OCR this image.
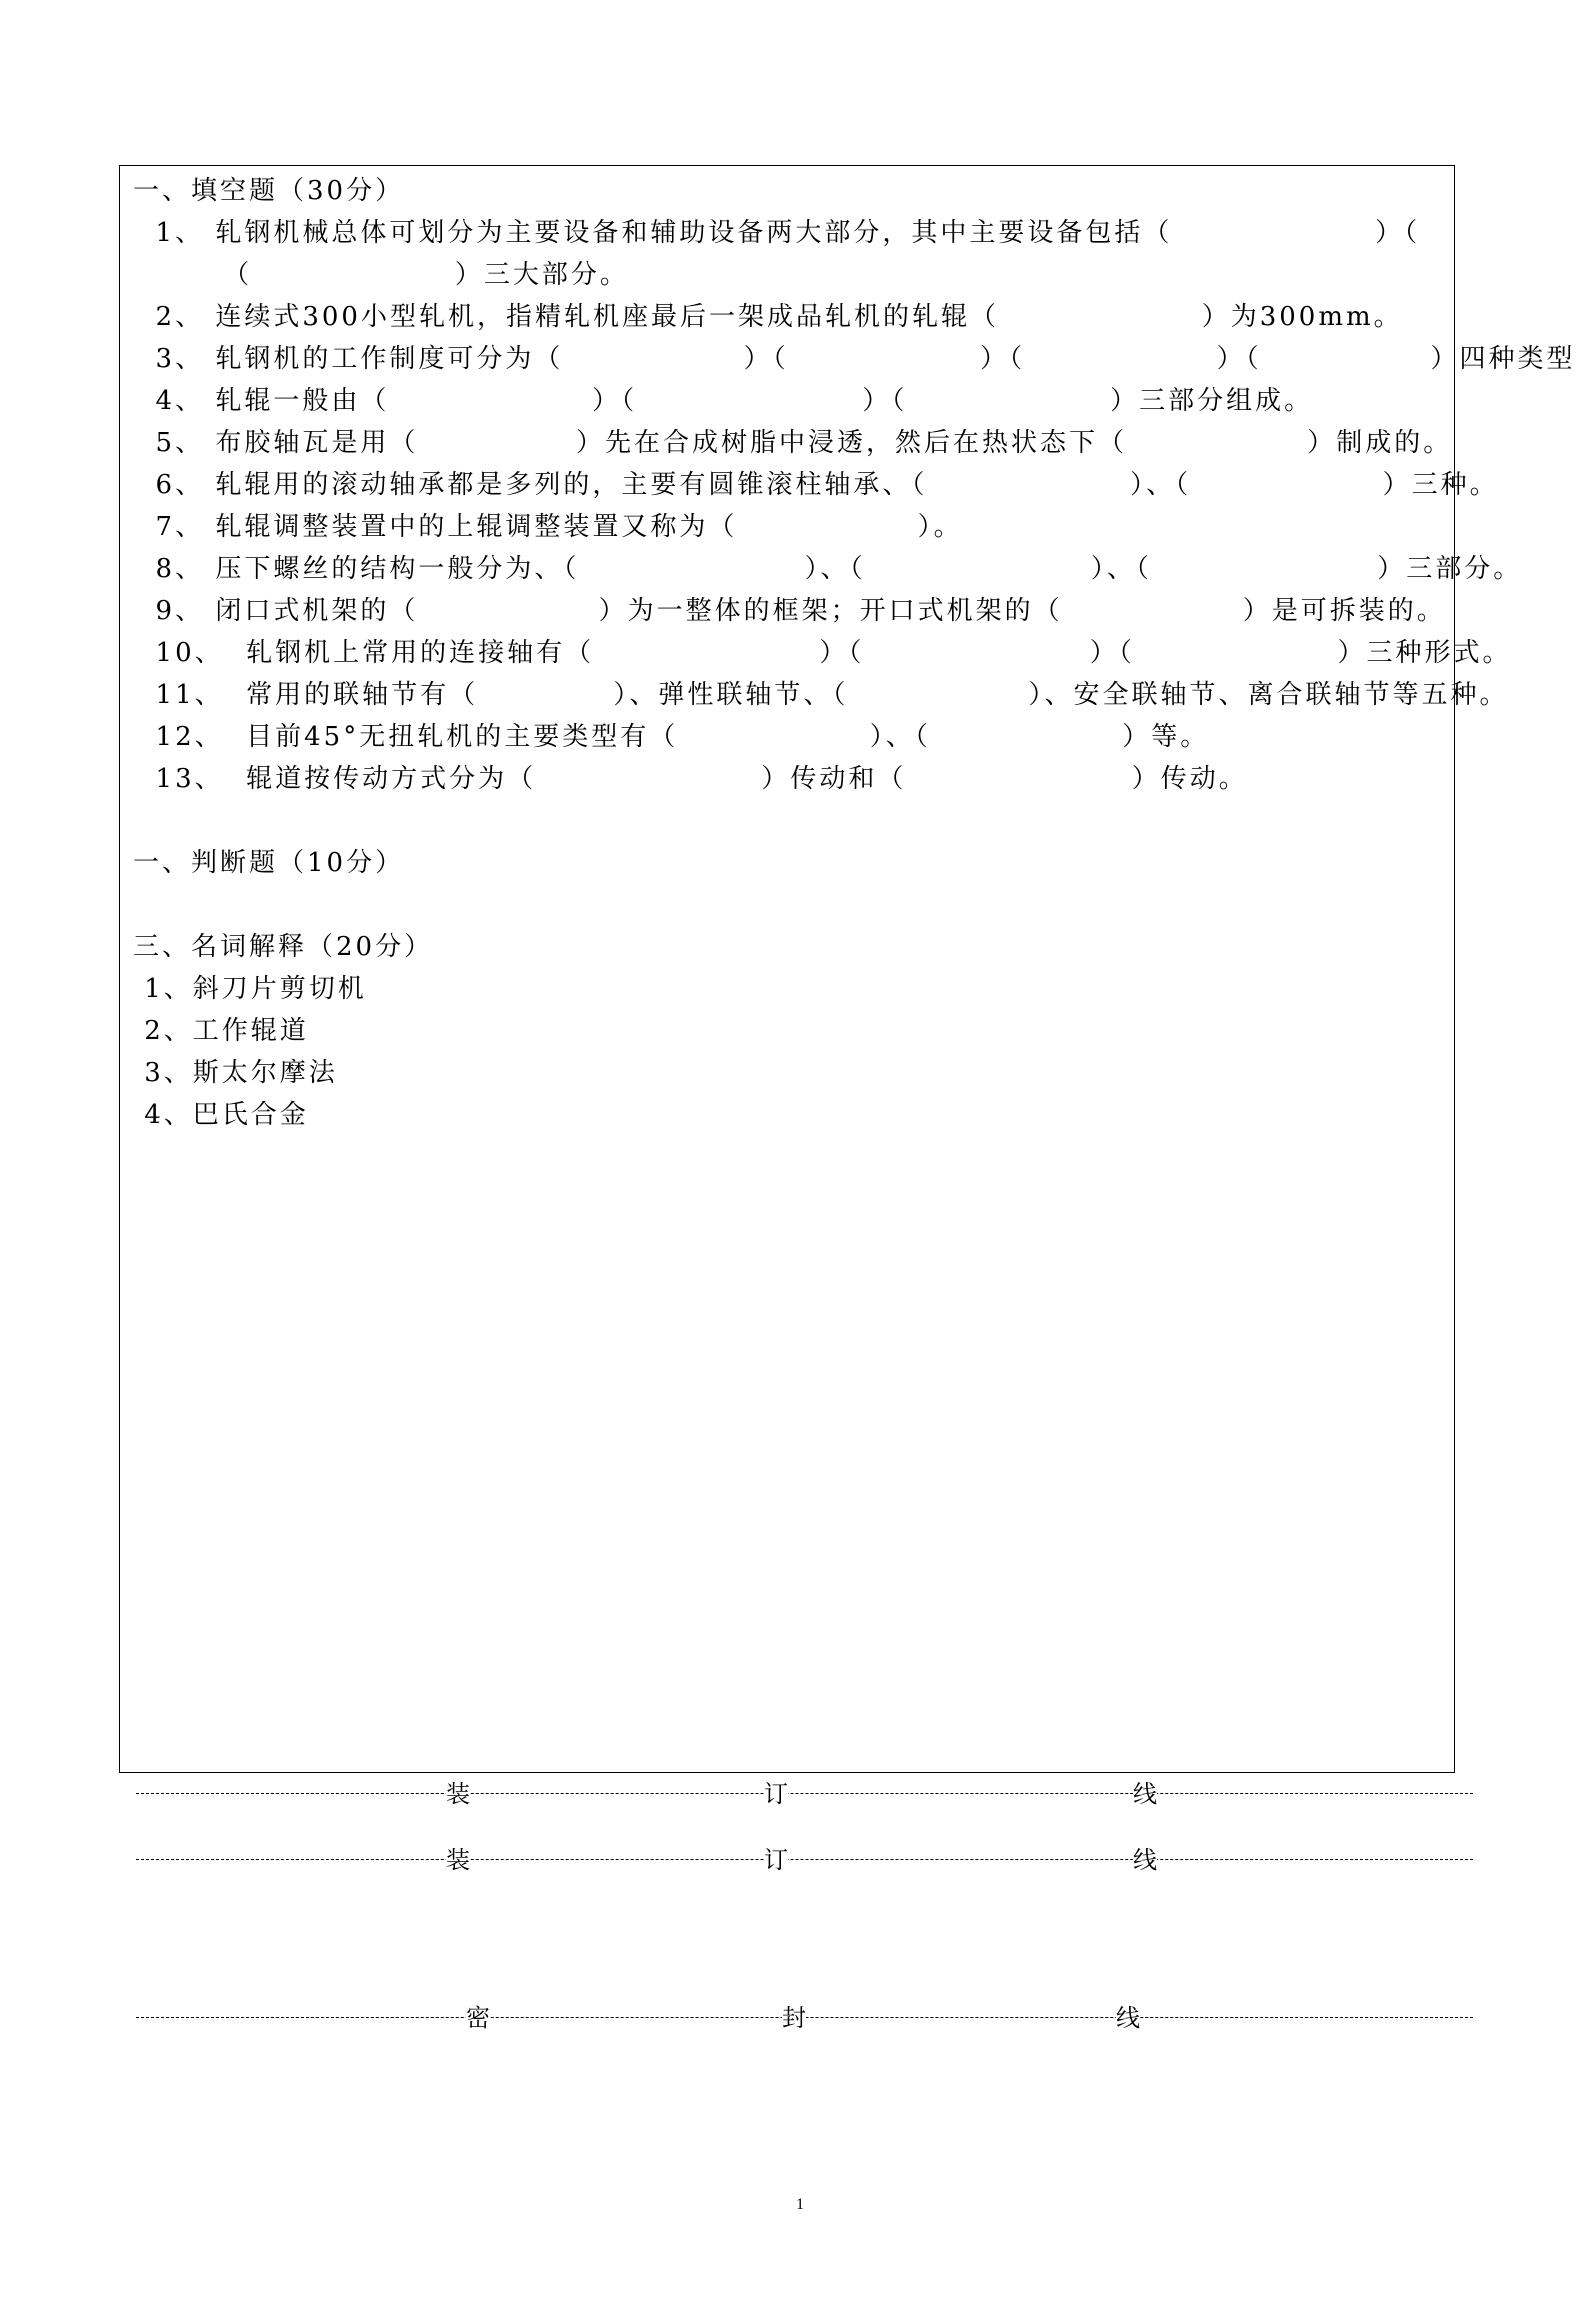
一、填空题（30分）
1、 轧钢机械总体可划分为主要设备和辅助设备两大部分，其中主要设备包括（                  ）（
（                  ）三大部分。
2、 连续式300小型轧机，指精轧机座最后一架成品轧机的轧辊（                  ）为300mm。
3、 轧钢机的工作制度可分为（                ）（                 ）（                 ）（               ）四种类型
4、 轧辊一般由（                  ）（                    ）（                  ）三部分组成。
5、 布胶轴瓦是用（              ）先在合成树脂中浸透，然后在热状态下（                ）制成的。
6、 轧辊用的滚动轴承都是多列的，主要有圆锥滚柱轴承、（                  ）、（                 ）三种。
7、 轧辊调整装置中的上辊调整装置又称为（                ）。
8、 压下螺丝的结构一般分为、（                    ）、（                    ）、（                    ）三部分。
9、 闭口式机架的（                ）为一整体的框架；开口式机架的（                ）是可拆装的。
10、  轧钢机上常用的连接轴有（                    ）（                    ）（                  ）三种形式。
11、  常用的联轴节有（            ）、弹性联轴节、（                ）、安全联轴节、离合联轴节等五种。
12、  目前45°无扭轧机的主要类型有（                 ）、（                 ）等。
13、  辊道按传动方式分为（                    ）传动和（                    ）传动。
一、判断题（10分）
三、名词解释（20分）
1、斜刀片剪切机
2、工作辊道
3、斯太尔摩法
4、巴氏合金
装	订	线
装	订	线
密	封	线
1
